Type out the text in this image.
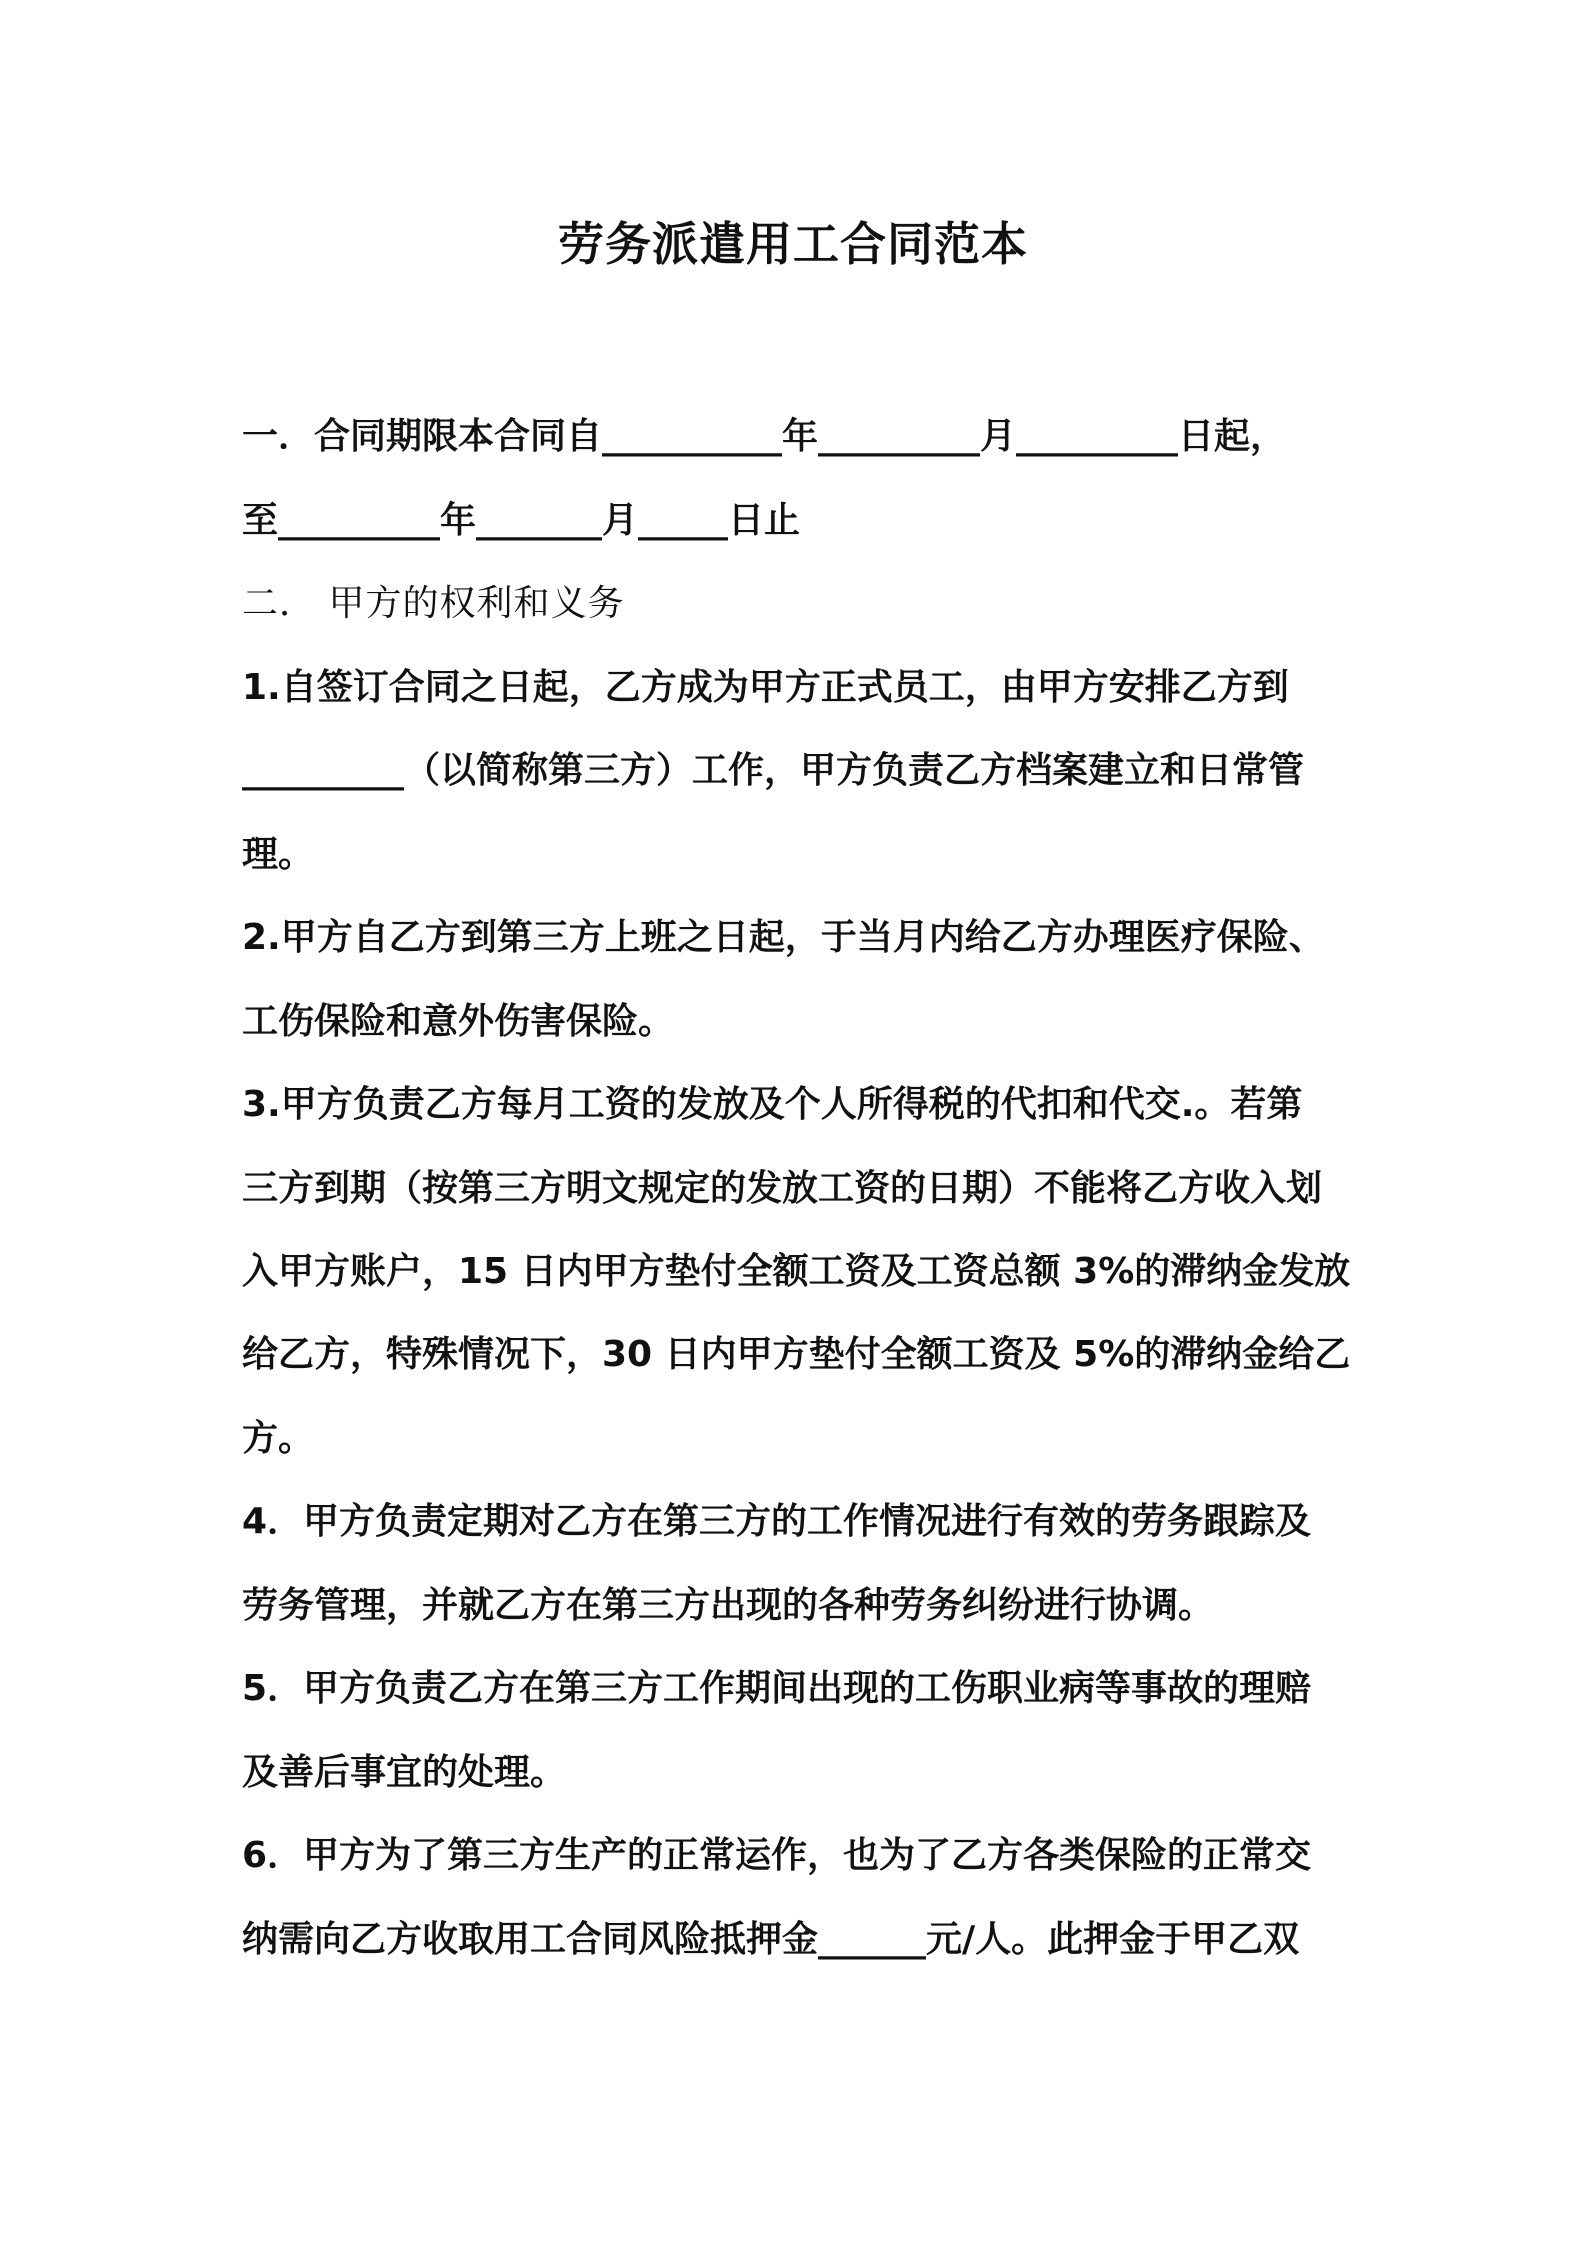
劳务派遣用工合同范本
一．合同期限本合同自__________年_________月_________日起，
至_________年_______月_____日止
二． 甲方的权利和义务
1.自签订合同之日起，乙方成为甲方正式员工，由甲方安排乙方到
_________（以简称第三方）工作，甲方负责乙方档案建立和日常管
理。
2.甲方自乙方到第三方上班之日起，于当月内给乙方办理医疗保险、
工伤保险和意外伤害保险。
3.甲方负责乙方每月工资的发放及个人所得税的代扣和代交.。若第
三方到期（按第三方明文规定的发放工资的日期）不能将乙方收入划
入甲方账户，15 日内甲方垫付全额工资及工资总额 3%的滞纳金发放
给乙方，特殊情况下，30 日内甲方垫付全额工资及 5%的滞纳金给乙
方。
4．甲方负责定期对乙方在第三方的工作情况进行有效的劳务跟踪及
劳务管理，并就乙方在第三方出现的各种劳务纠纷进行协调。
5．甲方负责乙方在第三方工作期间出现的工伤职业病等事故的理赔
及善后事宜的处理。
6．甲方为了第三方生产的正常运作，也为了乙方各类保险的正常交
纳需向乙方收取用工合同风险抵押金______元/人。此押金于甲乙双
